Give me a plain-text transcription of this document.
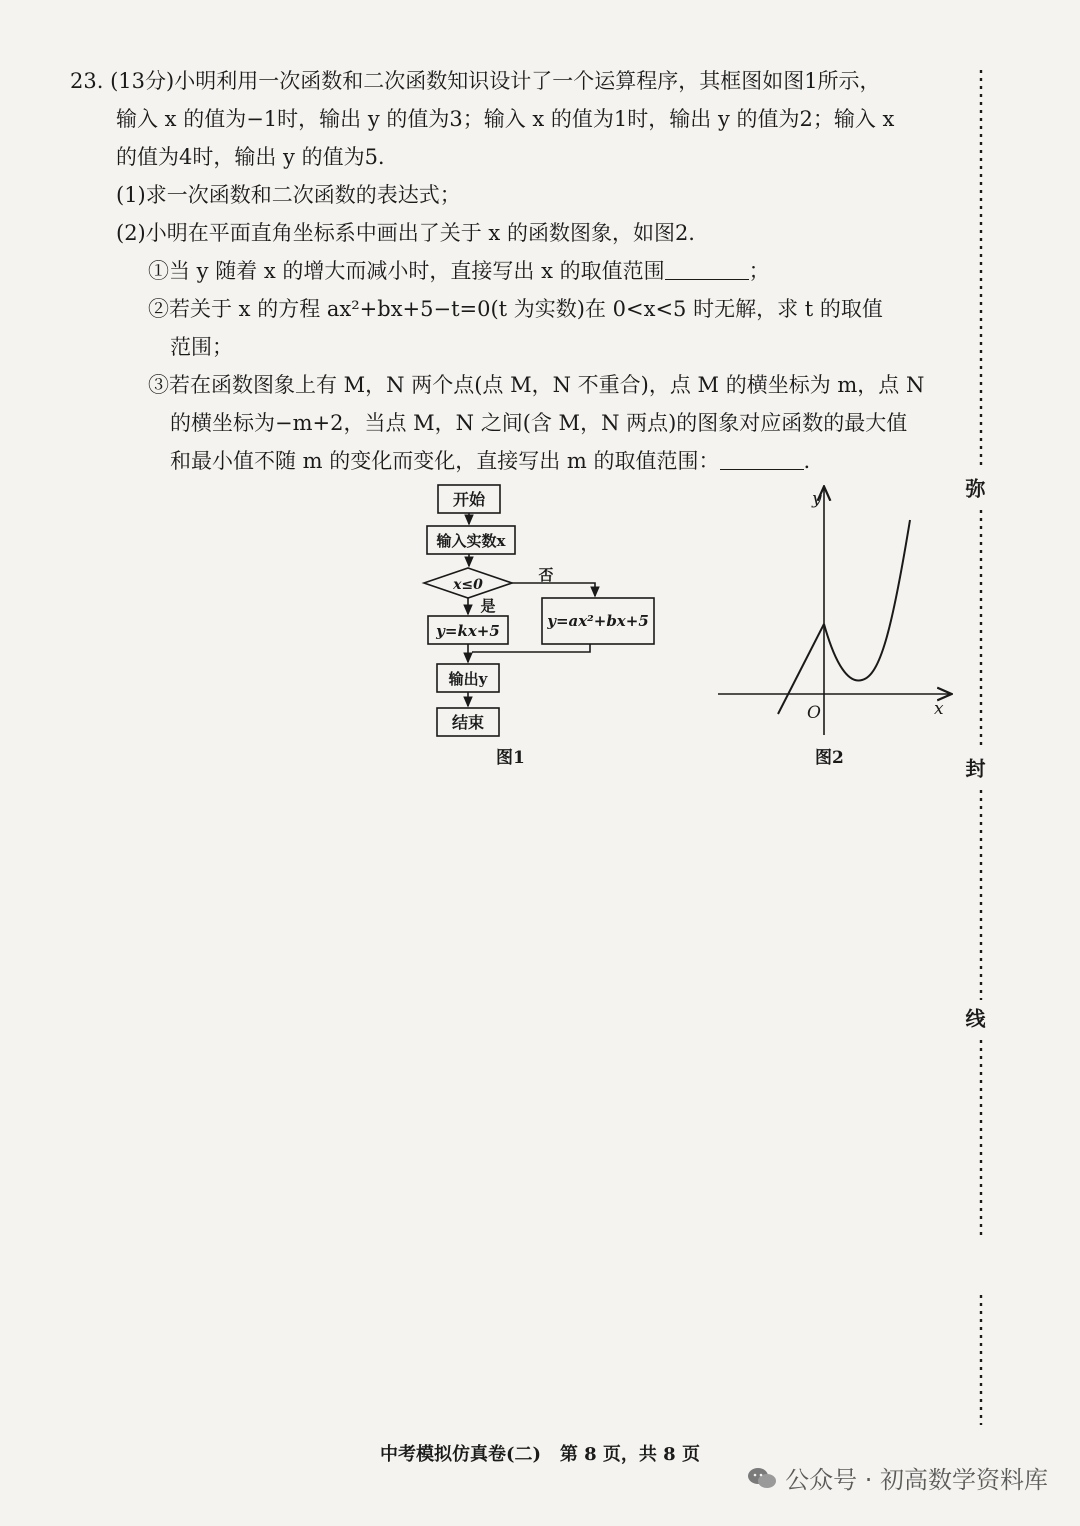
23. (13分)小明利用一次函数和二次函数知识设计了一个运算程序，其框图如图1所示，
输入 x 的值为−1时，输出 y 的值为3；输入 x 的值为1时，输出 y 的值为2；输入 x
的值为4时，输出 y 的值为5.
(1)求一次函数和二次函数的表达式；
(2)小明在平面直角坐标系中画出了关于 x 的函数图象，如图2.
①当 y 随着 x 的增大而减小时，直接写出 x 的取值范围	；
②若关于 x 的方程 ax²+bx+5−t=0(t 为实数)在 0<x<5 时无解，求 t 的取值
范围；
③若在函数图象上有 M，N 两个点(点 M，N 不重合)，点 M 的横坐标为 m，点 N
的横坐标为−m+2，当点 M，N 之间(含 M，N 两点)的图象对应函数的最大值
和最小值不随 m 的变化而变化，直接写出 m 的取值范围：	.
开始
输入实数x
x≤0
否
是
y=kx+5
y=ax²+bx+5
输出y
结束
图1
y
x
O
图2
弥
封
线
中考模拟仿真卷(二)   第 8 页，共 8 页
公众号 · 初高数学资料库
